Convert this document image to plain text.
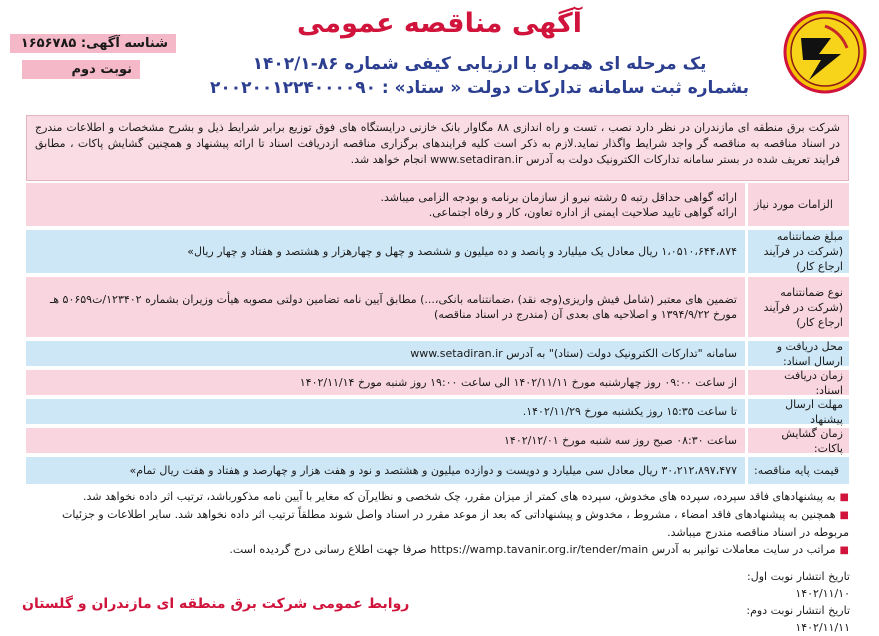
آگهی مناقصه عمومی
یک مرحله ای همراه با ارزیابی کیفی شماره ۸۶-۱۴۰۲/۱
بشماره ثبت سامانه تدارکات دولت « ستاد» : ۲۰۰۲۰۰۱۲۲۴۰۰۰۰۹۰
شناسه آگهی: ۱۶۵۶۷۸۵
نوبت دوم
شرکت برق منطقه ای مازندران در نظر دارد نصب ، تست و راه اندازی ۸۸ مگاوار بانک خازنی درایستگاه های فوق توزیع برابر شرایط ذیل و بشرح مشخصات و اطلاعات مندرج در اسناد مناقصه به مناقصه گر واجد شرایط واگذار نماید.لازم به ذکر است کلیه فرایندهای برگزاری مناقصه ازدریافت اسناد تا ارائه پیشنهاد و همچنین گشایش پاکات ، مطابق فرایند تعریف شده در بستر سامانه تدارکات الکترونیک دولت به آدرس www.setadiran.ir انجام خواهد شد.
الزامات مورد نیاز
ارائه گواهی حداقل رتبه ۵ رشته نیرو از سازمان برنامه و بودجه الزامی میباشد.
ارائه گواهی تایید صلاحیت ایمنی از اداره تعاون، کار و رفاه اجتماعی.
مبلغ ضمانتنامه
(شرکت در فرآیند ارجاع کار)
۱،۰۵۱۰،۶۴۴،۸۷۴ ریال معادل یک میلیارد و پانصد و ده میلیون و ششصد و چهل و چهارهزار و هشتصد و هفتاد و چهار ریال»
نوع ضمانتنامه
(شرکت در فرآیند ارجاع کار)
تضمین های معتبر (شامل فیش واریزی(وجه نقد) ،ضمانتنامه بانکی،...) مطابق آیین نامه تضامین دولتی مصوبه هیأت وزیران بشماره ۱۲۳۴۰۲/ت۵۰۶۵۹ هـ مورخ ۱۳۹۴/۹/۲۲ و اصلاحیه های بعدی آن (مندرج در اسناد مناقصه)
محل دریافت و ارسال اسناد:
سامانه "تدارکات الکترونیک دولت (ستاد)" به آدرس www.setadiran.ir
زمان دریافت اسناد:
از ساعت ۰۹:۰۰ روز چهارشنبه مورخ ۱۴۰۲/۱۱/۱۱ الی ساعت ۱۹:۰۰ روز شنبه مورخ ۱۴۰۲/۱۱/۱۴
مهلت ارسال پیشنهاد
تا ساعت ۱۵:۳۵ روز یکشنبه مورخ ۱۴۰۲/۱۱/۲۹.
زمان گشایش پاکات:
ساعت ۰۸:۳۰ صبح روز سه شنبه مورخ ۱۴۰۲/۱۲/۰۱
قیمت پایه مناقصه:
۳۰،۲۱۲،۸۹۷،۴۷۷ ریال معادل سی میلیارد و دویست و دوازده میلیون و هشتصد و نود و هفت هزار و چهارصد و هفتاد و هفت ریال تمام»

■به پیشنهادهای فاقد سپرده، سپرده های مخدوش، سپرده های کمتر از میزان مقرر، چک شخصی و نظایرآن که مغایر با آیین نامه مذکورباشد، ترتیب اثر داده نخواهد شد.

■همچنین به پیشنهادهای فاقد امضاء ، مشروط ، مخدوش و پیشنهاداتی که بعد از موعد مقرر در اسناد واصل شوند مطلقاً ترتیب اثر داده نخواهد شد. سایر اطلاعات و جزئیات مربوطه در اسناد مناقصه مندرج میباشد.

■مراتب در سایت معاملات توانیر به آدرس https://wamp.tavanir.org.ir/tender/main صرفا جهت اطلاع رسانی درج گردیده است.

تاریخ انتشار نوبت اول: ۱۴۰۲/۱۱/۱۰
تاریخ انتشار نوبت دوم: ۱۴۰۲/۱۱/۱۱
روابط عمومی شرکت برق منطقه ای مازندران و گلستان
